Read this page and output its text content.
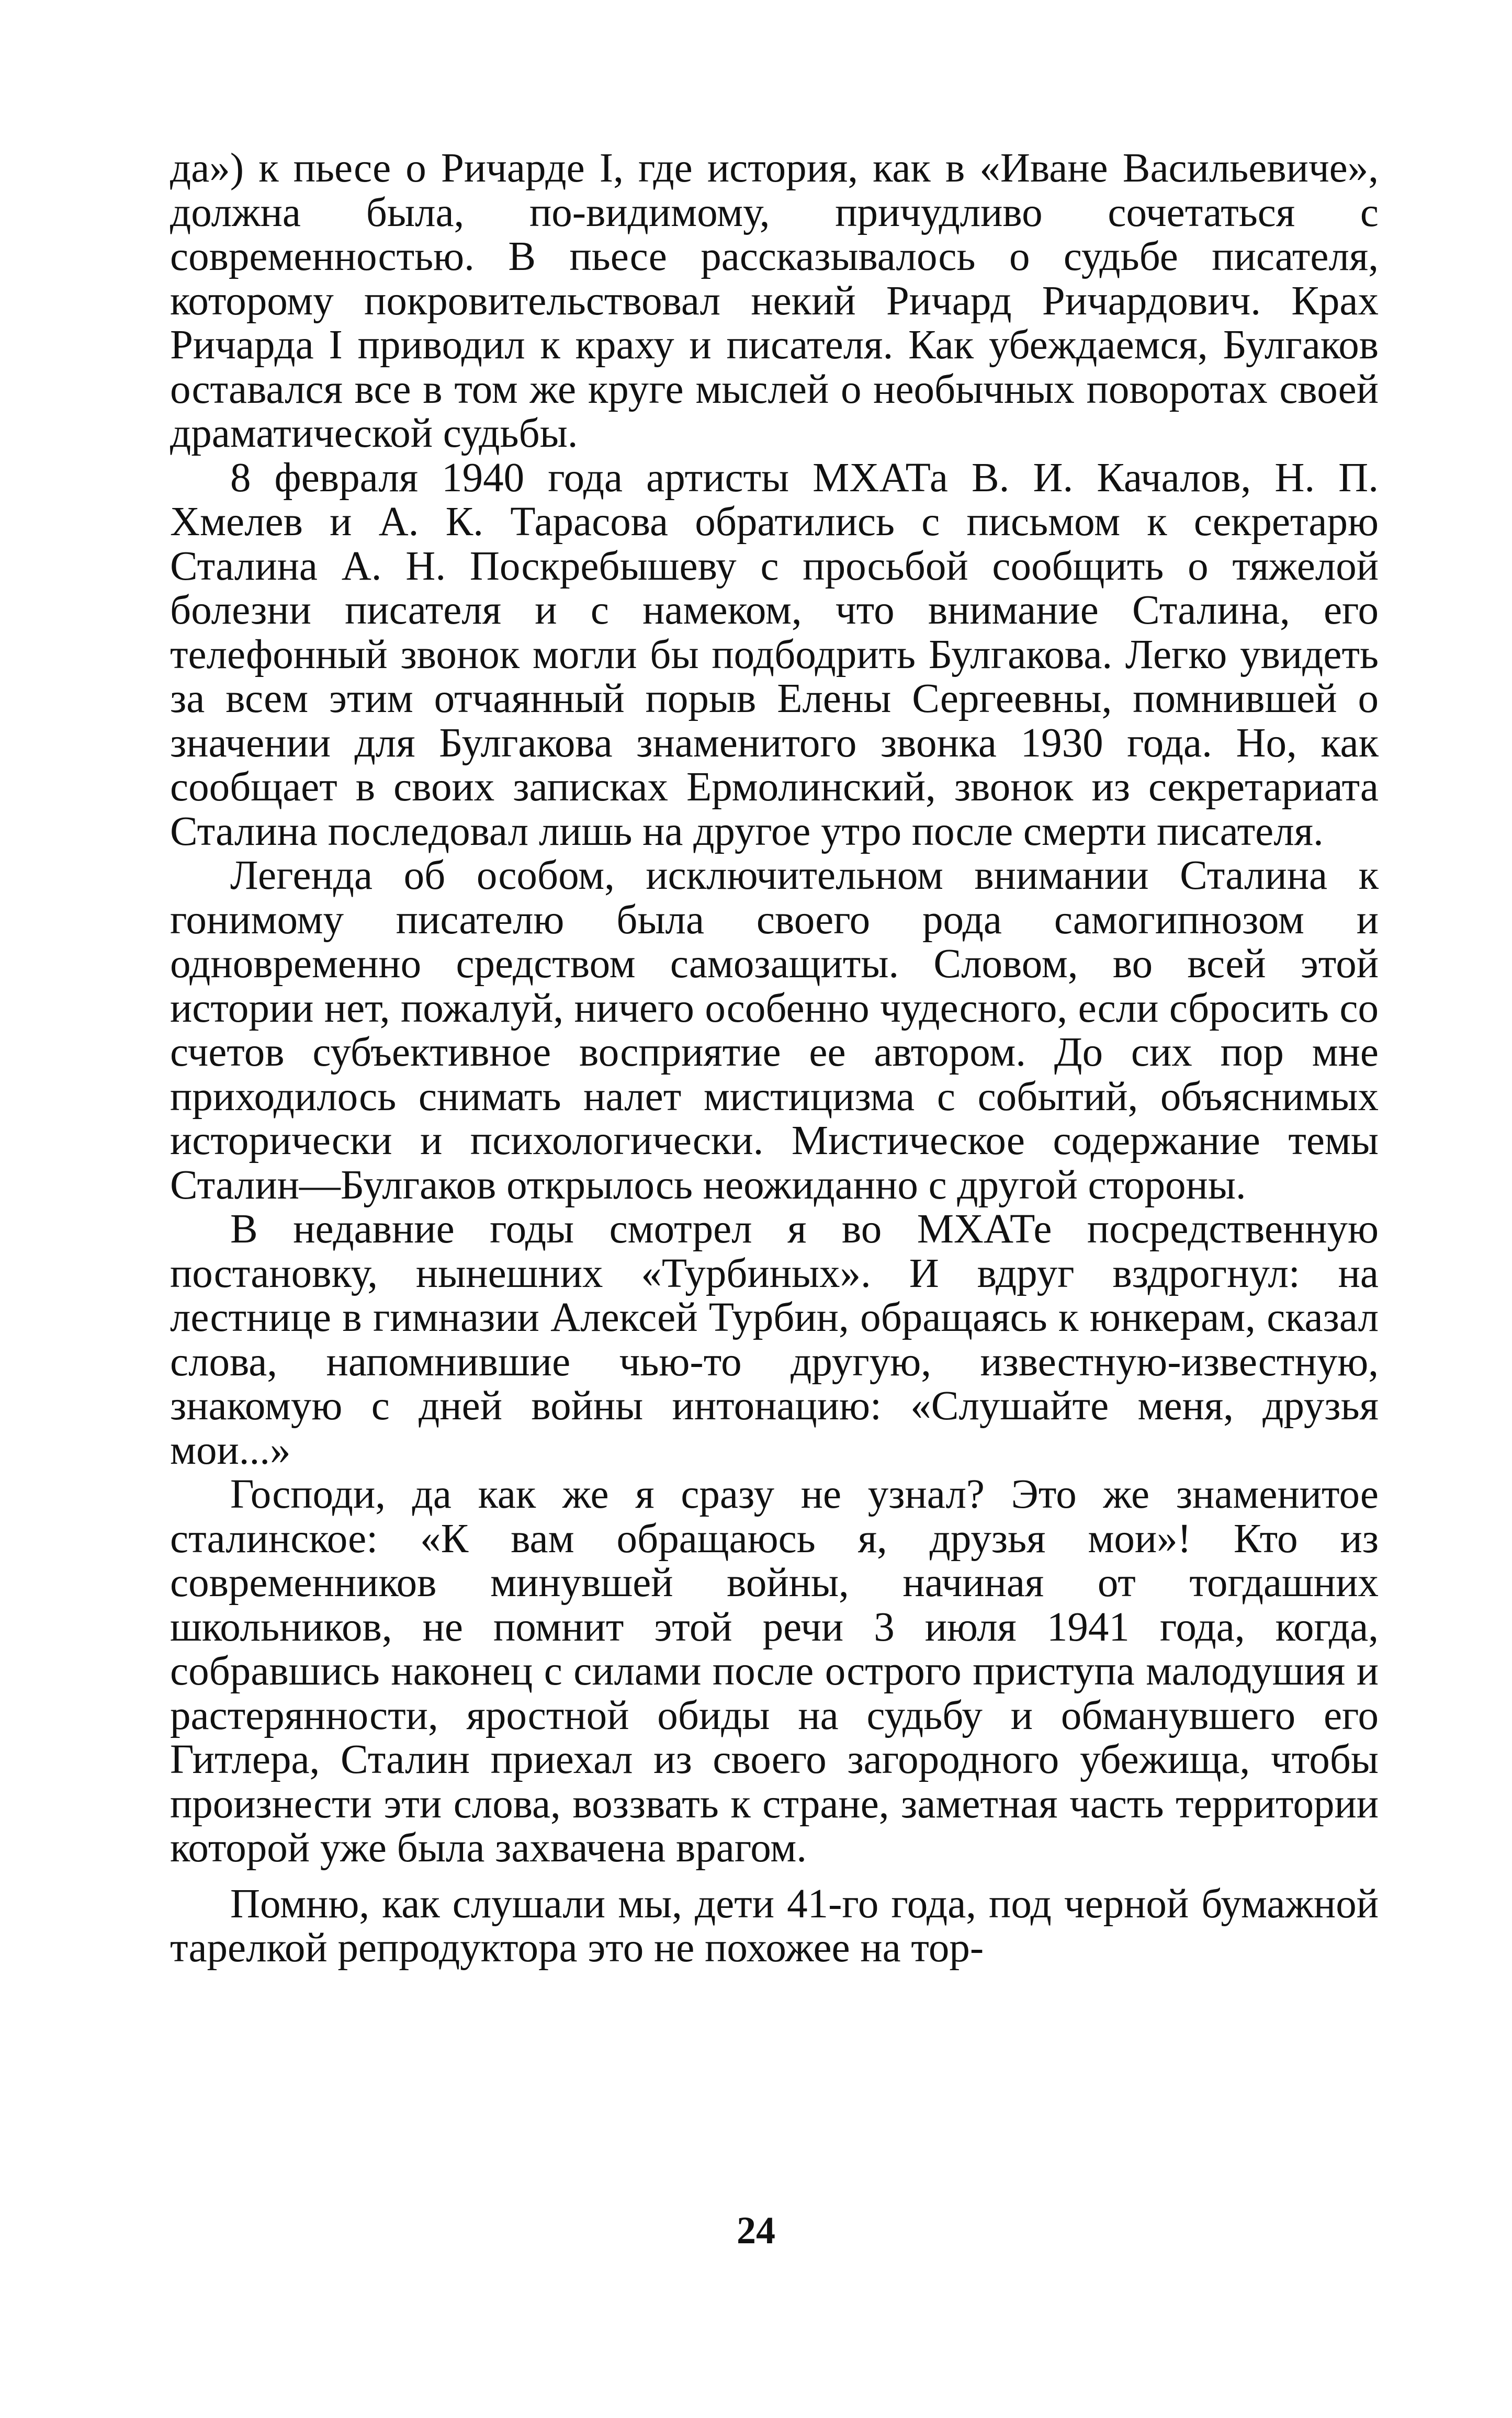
да») к пьесе о Ричарде I, где история, как в «Иване Васильевиче», должна была, по-видимому, причудливо сочетаться с современностью. В пьесе рассказывалось о судьбе писателя, которому покровительствовал некий Ричард Ричардович. Крах Ричарда I приводил к краху и писателя. Как убеждаемся, Булгаков оставался все в том же круге мыслей о необычных поворотах своей драматической судьбы.

8 февраля 1940 года артисты МХАТа В. И. Качалов, Н. П. Хмелев и А. К. Тарасова обратились с письмом к секретарю Сталина А. Н. Поскребышеву с просьбой сообщить о тяжелой болезни писателя и с намеком, что внимание Сталина, его телефонный звонок могли бы подбодрить Булгакова. Легко увидеть за всем этим отчаянный порыв Елены Сергеевны, помнившей о значении для Булгакова знаменитого звонка 1930 года. Но, как сообщает в своих записках Ермолинский, звонок из секретариата Сталина последовал лишь на другое утро после смерти писателя.

Легенда об особом, исключительном внимании Сталина к гонимому писателю была своего рода самогипнозом и одновременно средством самозащиты. Словом, во всей этой истории нет, пожалуй, ничего особенно чудесного, если сбросить со счетов субъективное восприятие ее автором. До сих пор мне приходилось снимать налет мистицизма с событий, объяснимых исторически и психологически. Мистическое содержание темы Сталин—Булгаков открылось неожиданно с другой стороны.

В недавние годы смотрел я во МХАТе посредственную постановку, нынешних «Турбиных». И вдруг вздрогнул: на лестнице в гимназии Алексей Турбин, обращаясь к юнкерам, сказал слова, напомнившие чью-то другую, известную-известную, знакомую с дней войны интонацию: «Слушайте меня, друзья мои...»

Господи, да как же я сразу не узнал? Это же знаменитое сталинское: «К вам обращаюсь я, друзья мои»! Кто из современников минувшей войны, начиная от тогдашних школьников, не помнит этой речи 3 июля 1941 года, когда, собравшись наконец с силами после острого приступа малодушия и растерянности, яростной обиды на судьбу и обманувшего его Гитлера, Сталин приехал из своего загородного убежища, чтобы произнести эти слова, воззвать к стране, заметная часть территории которой уже была захвачена врагом.

Помню, как слушали мы, дети 41-го года, под черной бумажной тарелкой репродуктора это не похожее на тор-

24
